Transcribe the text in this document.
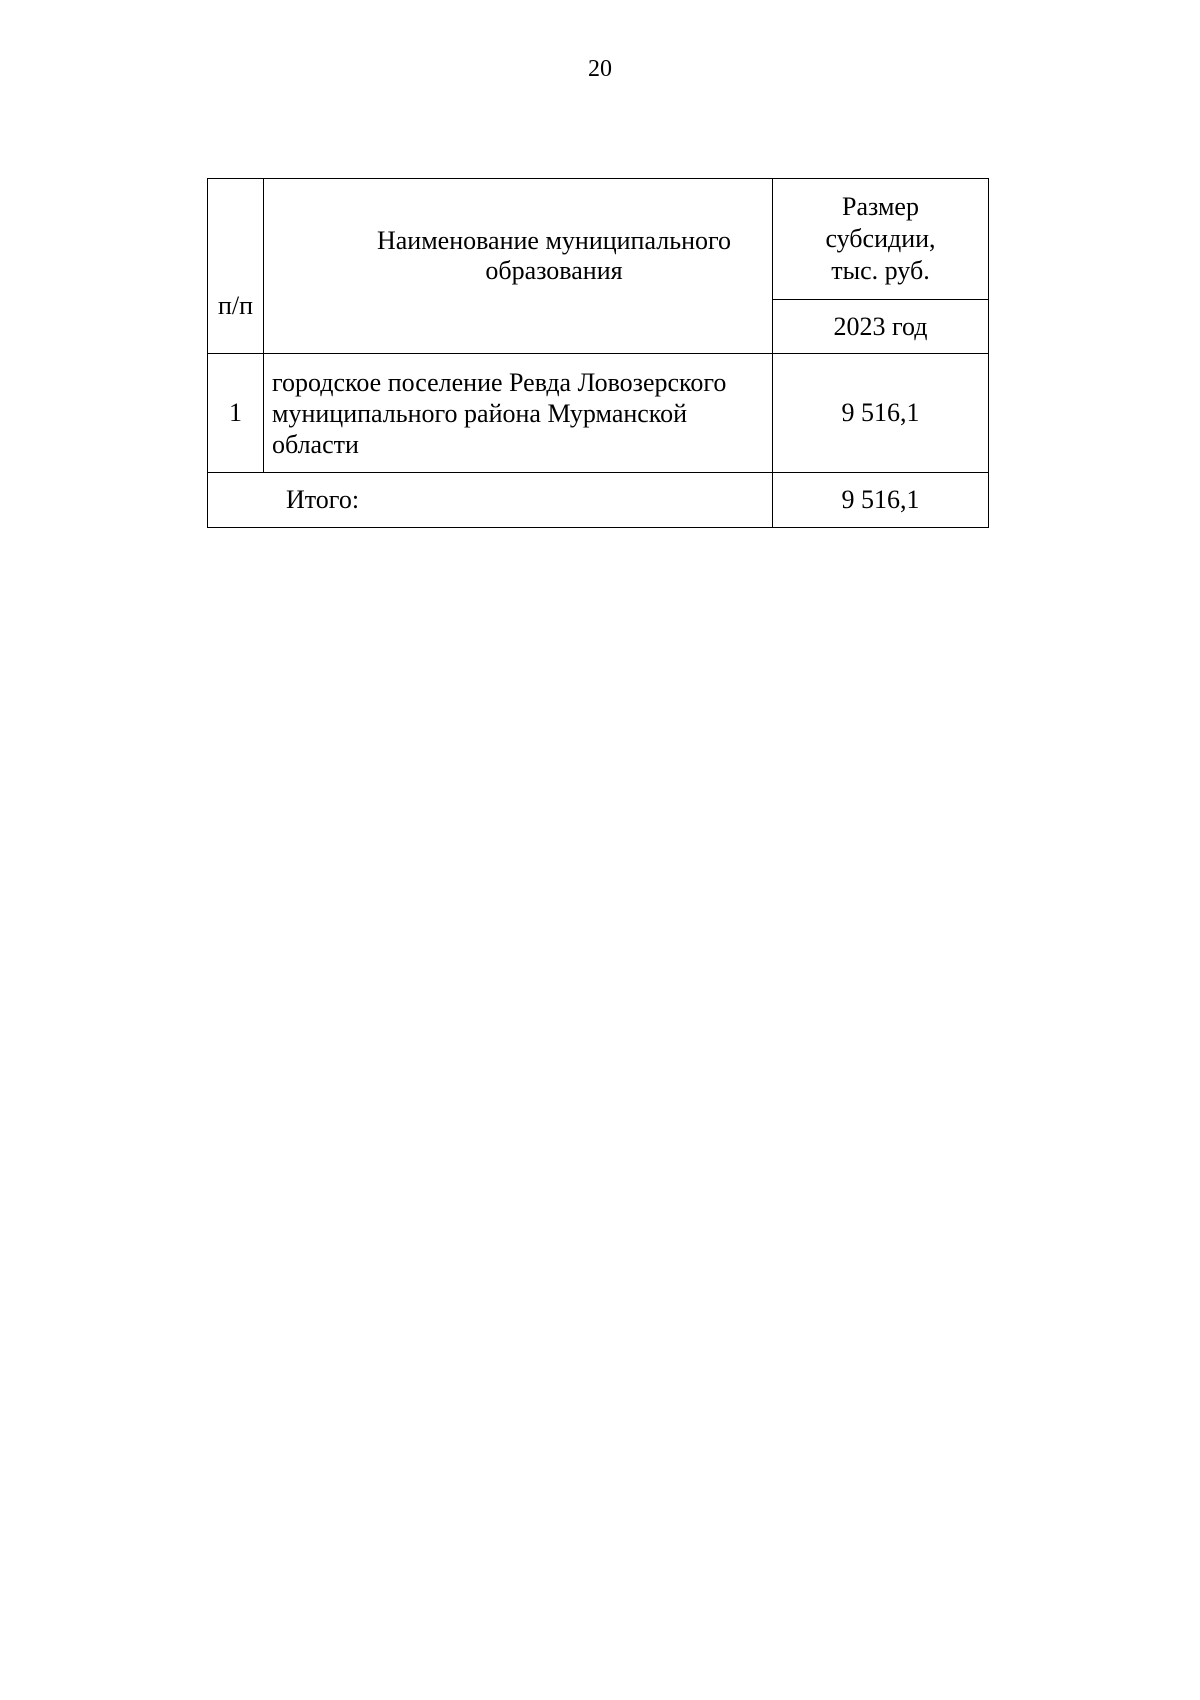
20
п/п	Наименование муниципального образования	Размер субсидии, тыс. руб.

		2023 год
1	городское поселение Ревда Ловозерского муниципального района Мурманской области	9 516,1

Итого:		9 516,1
